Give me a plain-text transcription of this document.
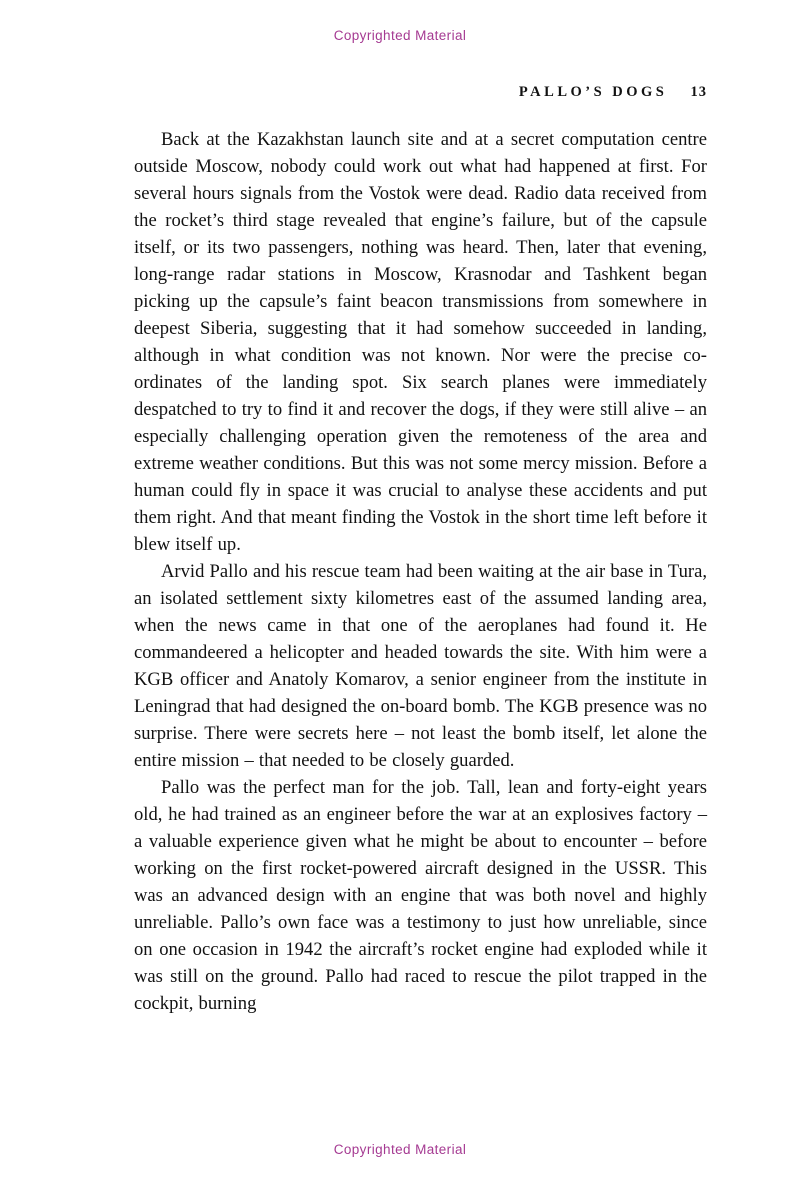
Copyrighted Material
PALLO’S DOGS 13

Back at the Kazakhstan launch site and at a secret computation centre outside Moscow, nobody could work out what had happened at first. For several hours signals from the Vostok were dead. Radio data received from the rocket’s third stage revealed that engine’s failure, but of the capsule itself, or its two passengers, nothing was heard. Then, later that evening, long-range radar stations in Moscow, Krasnodar and Tashkent began picking up the capsule’s faint beacon transmissions from somewhere in deepest Siberia, suggesting that it had somehow succeeded in landing, although in what condition was not known. Nor were the precise co-ordinates of the landing spot. Six search planes were immediately despatched to try to find it and recover the dogs, if they were still alive – an especially challenging operation given the remoteness of the area and extreme weather conditions. But this was not some mercy mission. Before a human could fly in space it was crucial to analyse these accidents and put them right. And that meant finding the Vostok in the short time left before it blew itself up.

Arvid Pallo and his rescue team had been waiting at the air base in Tura, an isolated settlement sixty kilometres east of the assumed landing area, when the news came in that one of the aeroplanes had found it. He commandeered a helicopter and headed towards the site. With him were a KGB officer and Anatoly Komarov, a senior engineer from the institute in Leningrad that had designed the on-board bomb. The KGB presence was no surprise. There were secrets here – not least the bomb itself, let alone the entire mission – that needed to be closely guarded.

Pallo was the perfect man for the job. Tall, lean and forty-eight years old, he had trained as an engineer before the war at an explosives factory – a valuable experience given what he might be about to encounter – before working on the first rocket-powered aircraft designed in the USSR. This was an advanced design with an engine that was both novel and highly unreliable. Pallo’s own face was a testimony to just how unreliable, since on one occasion in 1942 the aircraft’s rocket engine had exploded while it was still on the ground. Pallo had raced to rescue the pilot trapped in the cockpit, burning

Copyrighted Material
